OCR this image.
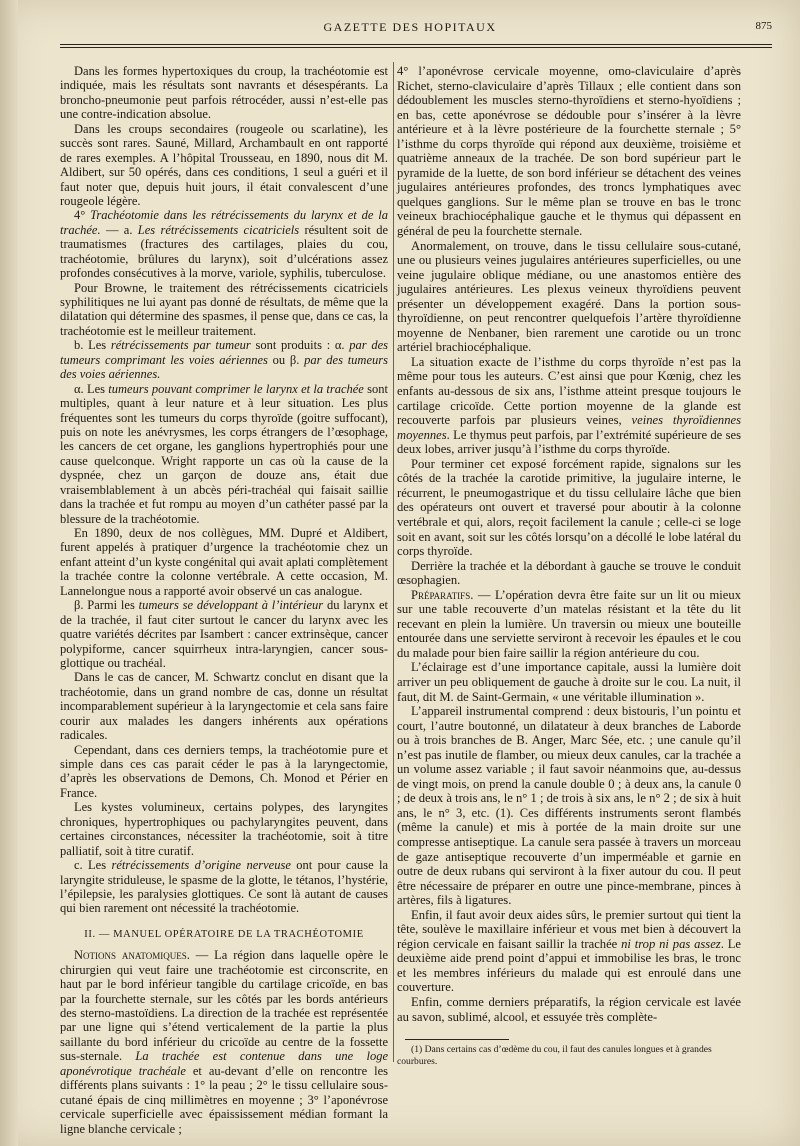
GAZETTE DES HOPITAUX	875

Dans les formes hypertoxiques du croup, la trachéotomie est indiquée, mais les résultats sont navrants et désespérants. La broncho-pneumonie peut parfois rétrocéder, aussi n’est-elle pas une contre-indication absolue.

Dans les croups secondaires (rougeole ou scarlatine), les succès sont rares. Sauné, Millard, Archambault en ont rapporté de rares exemples. A l’hôpital Trousseau, en 1890, nous dit M. Aldibert, sur 50 opérés, dans ces conditions, 1 seul a guéri et il faut noter que, depuis huit jours, il était convalescent d’une rougeole légère.

4° Trachéotomie dans les rétrécissements du larynx et de la trachée. — a. Les rétrécissements cicatriciels résultent soit de traumatismes (fractures des cartilages, plaies du cou, trachéotomie, brûlures du larynx), soit d’ulcérations assez profondes consécutives à la morve, variole, syphilis, tuberculose.

Pour Browne, le traitement des rétrécissements cicatriciels syphilitiques ne lui ayant pas donné de résultats, de même que la dilatation qui détermine des spasmes, il pense que, dans ce cas, la trachéotomie est le meilleur traitement.

b. Les rétrécissements par tumeur sont produits : α. par des tumeurs comprimant les voies aériennes ou β. par des tumeurs des voies aériennes.

α. Les tumeurs pouvant comprimer le larynx et la trachée sont multiples, quant à leur nature et à leur situation. Les plus fréquentes sont les tumeurs du corps thyroïde (goitre suffocant), puis on note les anévrysmes, les corps étrangers de l’œsophage, les cancers de cet organe, les ganglions hypertrophiés pour une cause quelconque. Wright rapporte un cas où la cause de la dyspnée, chez un garçon de douze ans, était due vraisemblablement à un abcès péri-trachéal qui faisait saillie dans la trachée et fut rompu au moyen d’un cathéter passé par la blessure de la trachéotomie.

En 1890, deux de nos collègues, MM. Dupré et Aldibert, furent appelés à pratiquer d’urgence la trachéotomie chez un enfant atteint d’un kyste congénital qui avait aplati complètement la trachée contre la colonne vertébrale. A cette occasion, M. Lannelongue nous a rapporté avoir observé un cas analogue.

β. Parmi les tumeurs se développant à l’intérieur du larynx et de la trachée, il faut citer surtout le cancer du larynx avec les quatre variétés décrites par Isambert : cancer extrinsèque, cancer polypiforme, cancer squirrheux intra-laryngien, cancer sous-glottique ou trachéal.

Dans le cas de cancer, M. Schwartz conclut en disant que la trachéotomie, dans un grand nombre de cas, donne un résultat incomparablement supérieur à la laryngectomie et cela sans faire courir aux malades les dangers inhérents aux opérations radicales.

Cependant, dans ces derniers temps, la trachéotomie pure et simple dans ces cas parait céder le pas à la laryngectomie, d’après les observations de Demons, Ch. Monod et Périer en France.

Les kystes volumineux, certains polypes, des laryngites chroniques, hypertrophiques ou pachylaryngites peuvent, dans certaines circonstances, nécessiter la trachéotomie, soit à titre palliatif, soit à titre curatif.

c. Les rétrécissements d’origine nerveuse ont pour cause la laryngite striduleuse, le spasme de la glotte, le tétanos, l’hystérie, l’épilepsie, les paralysies glottiques. Ce sont là autant de causes qui bien rarement ont nécessité la trachéotomie.

II. — MANUEL OPÉRATOIRE DE LA TRACHÉOTOMIE

Notions anatomiques. — La région dans laquelle opère le chirurgien qui veut faire une trachéotomie est circonscrite, en haut par le bord inférieur tangible du cartilage cricoïde, en bas par la fourchette sternale, sur les côtés par les bords antérieurs des sterno-mastoïdiens. La direction de la trachée est représentée par une ligne qui s’étend verticalement de la partie la plus saillante du bord inférieur du cricoïde au centre de la fossette sus-sternale. La trachée est contenue dans une loge aponévrotique trachéale et au-devant d’elle on rencontre les différents plans suivants : 1° la peau ; 2° le tissu cellulaire sous-cutané épais de cinq millimètres en moyenne ; 3° l’aponévrose cervicale superficielle avec épaississement médian formant la ligne blanche cervicale ;

4° l’aponévrose cervicale moyenne, omo-claviculaire d’après Richet, sterno-claviculaire d’après Tillaux ; elle contient dans son dédoublement les muscles sterno-thyroïdiens et sterno-hyoïdiens ; en bas, cette aponévrose se dédouble pour s’insérer à la lèvre antérieure et à la lèvre postérieure de la fourchette sternale ; 5° l’isthme du corps thyroïde qui répond aux deuxième, troisième et quatrième anneaux de la trachée. De son bord supérieur part le pyramide de la luette, de son bord inférieur se détachent des veines jugulaires antérieures profondes, des troncs lymphatiques avec quelques ganglions. Sur le même plan se trouve en bas le tronc veineux brachiocéphalique gauche et le thymus qui dépassent en général de peu la fourchette sternale.

Anormalement, on trouve, dans le tissu cellulaire sous-cutané, une ou plusieurs veines jugulaires antérieures superficielles, ou une veine jugulaire oblique médiane, ou une anastomos entière des jugulaires antérieures. Les plexus veineux thyroïdiens peuvent présenter un développement exagéré. Dans la portion sous-thyroïdienne, on peut rencontrer quelquefois l’artère thyroïdienne moyenne de Nenbaner, bien rarement une carotide ou un tronc artériel brachiocéphalique.

La situation exacte de l’isthme du corps thyroïde n’est pas la même pour tous les auteurs. C’est ainsi que pour Kœnig, chez les enfants au-dessous de six ans, l’isthme atteint presque toujours le cartilage cricoïde. Cette portion moyenne de la glande est recouverte parfois par plusieurs veines, veines thyroïdiennes moyennes. Le thymus peut parfois, par l’extrémité supérieure de ses deux lobes, arriver jusqu’à l’isthme du corps thyroïde.

Pour terminer cet exposé forcément rapide, signalons sur les côtés de la trachée la carotide primitive, la jugulaire interne, le récurrent, le pneumogastrique et du tissu cellulaire lâche que bien des opérateurs ont ouvert et traversé pour aboutir à la colonne vertébrale et qui, alors, reçoit facilement la canule ; celle-ci se loge soit en avant, soit sur les côtés lorsqu’on a décollé le lobe latéral du corps thyroïde.

Derrière la trachée et la débordant à gauche se trouve le conduit œsophagien.

Préparatifs. — L’opération devra être faite sur un lit ou mieux sur une table recouverte d’un matelas résistant et la tête du lit recevant en plein la lumière. Un traversin ou mieux une bouteille entourée dans une serviette serviront à recevoir les épaules et le cou du malade pour bien faire saillir la région antérieure du cou.

L’éclairage est d’une importance capitale, aussi la lumière doit arriver un peu obliquement de gauche à droite sur le cou. La nuit, il faut, dit M. de Saint-Germain, « une véritable illumination ».

L’appareil instrumental comprend : deux bistouris, l’un pointu et court, l’autre boutonné, un dilatateur à deux branches de Laborde ou à trois branches de B. Anger, Marc Sée, etc. ; une canule qu’il n’est pas inutile de flamber, ou mieux deux canules, car la trachée a un volume assez variable ; il faut savoir néanmoins que, au-dessus de vingt mois, on prend la canule double 0 ; à deux ans, la canule 0 ; de deux à trois ans, le n° 1 ; de trois à six ans, le n° 2 ; de six à huit ans, le n° 3, etc. (1). Ces différents instruments seront flambés (même la canule) et mis à portée de la main droite sur une compresse antiseptique. La canule sera passée à travers un morceau de gaze antiseptique recouverte d’un imperméable et garnie en outre de deux rubans qui serviront à la fixer autour du cou. Il peut être nécessaire de préparer en outre une pince-membrane, pinces à artères, fils à ligatures.

Enfin, il faut avoir deux aides sûrs, le premier surtout qui tient la tête, soulève le maxillaire inférieur et vous met bien à découvert la région cervicale en faisant saillir la trachée ni trop ni pas assez. Le deuxième aide prend point d’appui et immobilise les bras, le tronc et les membres inférieurs du malade qui est enroulé dans une couverture.

Enfin, comme derniers préparatifs, la région cervicale est lavée au savon, sublimé, alcool, et essuyée très complète-

(1) Dans certains cas d’œdème du cou, il faut des canules longues et à grandes courbures.
